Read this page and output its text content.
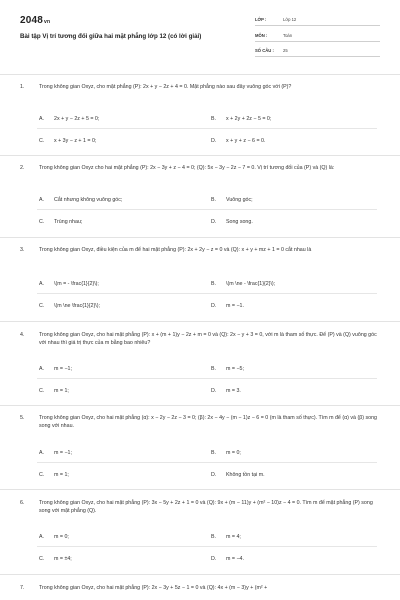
2048vn
Bài tập Vị trí tương đối giữa hai mặt phẳng lớp 12 (có lời giải)
LỚP :	Lớp 12
MÔN :	Toán
SỐ CÂU : 25
1.	Trong không gian Oxyz, cho mặt phẳng (P): 2x + y − 2z + 4 = 0. Mặt phẳng nào sau đây vuông góc với (P)?
A. 2x + y − 2z + 5 = 0;	B. x + 2y + 2z − 5 = 0;
C. x + 3y − z + 1 = 0;	D. x + y + z − 6 = 0.
2.	Trong không gian Oxyz cho hai mặt phẳng (P): 2x − 3y + z − 4 = 0; (Q): 5x − 3y − 2z − 7 = 0. Vị trí tương đối của (P) và (Q) là:
A. Cắt nhưng không vuông góc;	B. Vuông góc;
C. Trùng nhau;	D. Song song.
3.	Trong không gian Oxyz, điều kiện của m để hai mặt phẳng (P): 2x + 2y − z = 0 và (Q): x + y + mz + 1 = 0 cắt nhau là
A. \(m = - \frac{1}{2}\);	B. \(m \ne - \frac{1}{2}\);
C. \(m \ne \frac{1}{2}\);	D. m = −1.
4.	Trong không gian Oxyz, cho hai mặt phẳng (P): x + (m + 1)y − 2z + m = 0 và (Q): 2x − y + 3 = 0, với m là tham số thực. Để (P) và (Q) vuông góc với nhau thì giá trị thực của m bằng bao nhiêu?
A. m = −1;	B. m = −5;
C. m = 1;	D. m = 3.
5.	Trong không gian Oxyz, cho hai mặt phẳng (α): x − 2y − 2z − 3 = 0; (β): 2x − 4y − (m − 1)z − 6 = 0 (m là tham số thực). Tìm m để (α) và (β) song song với nhau.
A. m = −1;	B. m = 0;
C. m = 1;	D. Không tồn tại m.
6.	Trong không gian Oxyz, cho hai mặt phẳng (P): 3x − 5y + 2z + 1 = 0 và (Q): 9x + (m − 11)y + (m² − 10)z − 4 = 0. Tìm m để mặt phẳng (P) song song với mặt phẳng (Q).
A. m = 0;	B. m = 4;
C. m = ±4;	D. m = −4.
7.	Trong không gian Oxyz, cho hai mặt phẳng (P): 2x − 3y + 5z − 1 = 0 và (Q): 4x + (m − 3)y + (m² +
